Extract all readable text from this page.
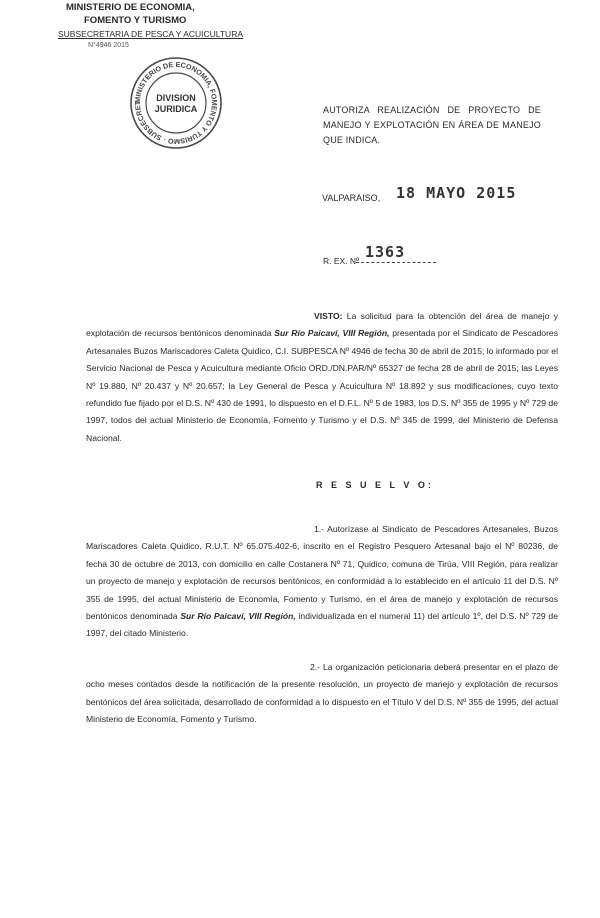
MINISTERIO DE ECONOMIA,
FOMENTO Y TURISMO
SUBSECRETARIA DE PESCA Y ACUICULTURA
N°4946 2015
MINISTERIO DE ECONOMIA, FOMENTO Y TURISMO · SUBSECRET
DIVISION
JURIDICA	AUTORIZA REALIZACIÓN DE PROYECTO DE MANEJO Y EXPLOTACIÓN EN ÁREA DE MANEJO QUE INDICA.
VALPARAISO, 18 MAYO 2015
R. EX. Nº 1363
VISTO: La solicitud para la obtención del área de manejo y explotación de recursos bentónicos denominada Sur Río Paicaví, VIII Región, presentada por el Sindicato de Pescadores Artesanales Buzos Mariscadores Caleta Quidico, C.I. SUBPESCA Nº 4946 de fecha 30 de abril de 2015; lo informado por el Servicio Nacional de Pesca y Acuicultura mediante Oficio ORD./DN.PAR/Nº 65327 de fecha 28 de abril de 2015; las Leyes Nº 19.880, Nº 20.437 y Nº 20.657; la Ley General de Pesca y Acuicultura Nº 18.892 y sus modificaciones, cuyo texto refundido fue fijado por el D.S. Nº 430 de 1991, lo dispuesto en el D.F.L. Nº 5 de 1983, los D.S. Nº 355 de 1995 y Nº 729 de 1997, todos del actual Ministerio de Economía, Fomento y Turismo y el D.S. Nº 345 de 1999, del Ministerio de Defensa Nacional.
R E S U E L V O:
1.- Autorízase al Sindicato de Pescadores Artesanales, Buzos Mariscadores Caleta Quidico, R.U.T. Nº 65.075.402-6, inscrito en el Registro Pesquero Artesanal bajo el Nº 80236, de fecha 30 de octubre de 2013, con domicilio en calle Costanera Nº 71, Quidico, comuna de Tirúa, VIII Región, para realizar un proyecto de manejo y explotación de recursos bentónicos, en conformidad a lo establecido en el artículo 11 del D.S. Nº 355 de 1995, del actual Ministerio de Economía, Fomento y Turismo, en el área de manejo y explotación de recursos bentónicos denominada Sur Río Paicaví, VIII Región, individualizada en el numeral 11) del artículo 1º, del D.S. Nº 729 de 1997, del citado Ministerio.
2.- La organización peticionaria deberá presentar en el plazo de ocho meses contados desde la notificación de la presente resolución, un proyecto de manejo y explotación de recursos bentónicos del área solicitada, desarrollado de conformidad a lo dispuesto en el Título V del D.S. Nº 355 de 1995, del actual Ministerio de Economía, Fomento y Turismo.
